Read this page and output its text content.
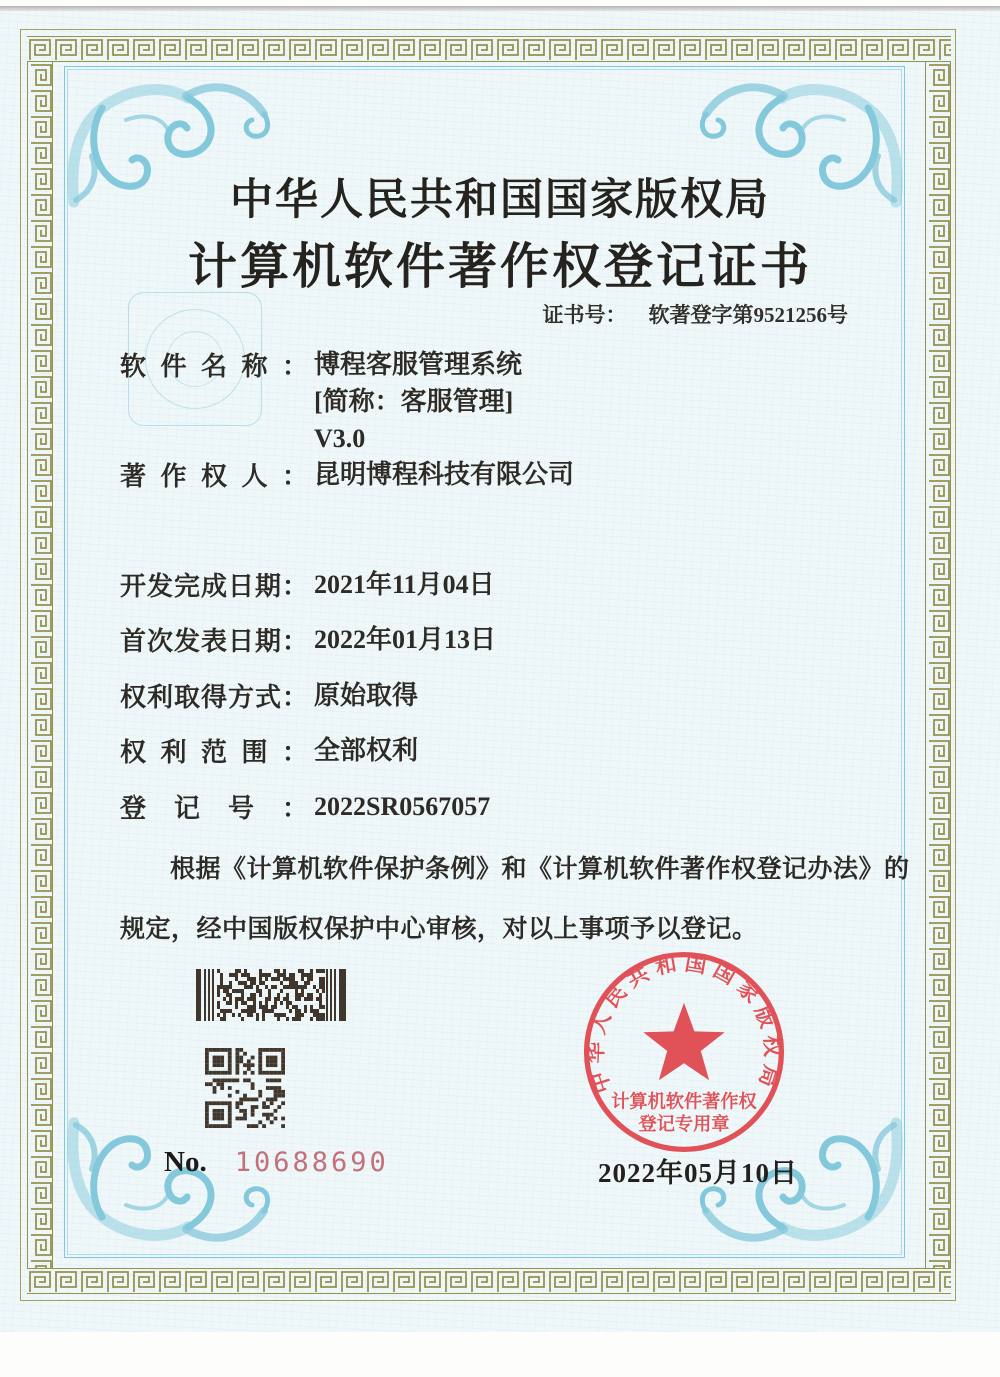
中华人民共和国国家版权局
计算机软件著作权登记证书
证书号： 软著登字第9521256号
软件名称： 博程客服管理系统
[简称：客服管理]
V3.0
著作权人： 昆明博程科技有限公司
开发完成日期： 2021年11月04日
首次发表日期： 2022年01月13日
权利取得方式： 原始取得
权利范围： 全部权利
登记号： 2022SR0567057
根据《计算机软件保护条例》和《计算机软件著作权登记办法》的
规定，经中国版权保护中心审核，对以上事项予以登记。
No. 10688690
中华人民共和国国家版权局
计算机软件著作权
登记专用章
2022年05月10日
